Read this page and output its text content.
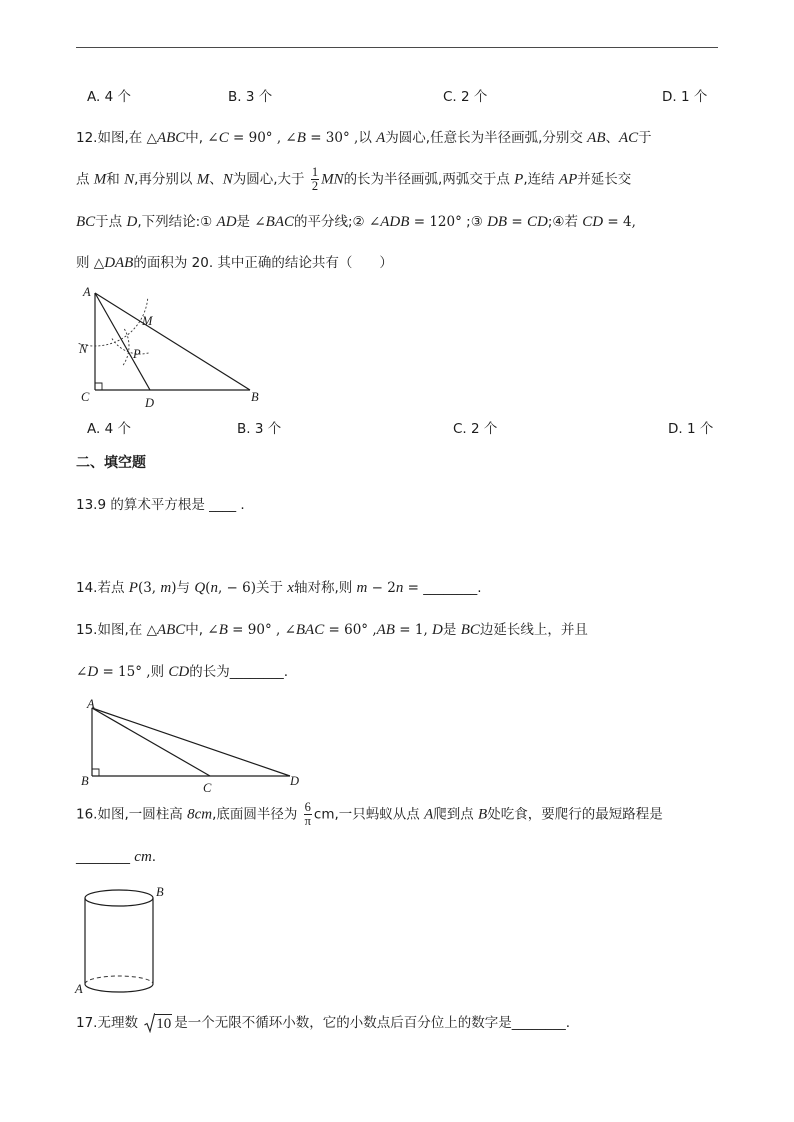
A. 4 个	B. 3 个	C. 2 个	D. 1 个
12.如图,在 △ABC中, ∠C = 90° , ∠B = 30° ,以 A为圆心,任意长为半径画弧,分别交 AB、AC于
点 M和 N,再分别以 M、N为圆心,大于 $\frac{1}{2}$ MN的长为半径画弧,两弧交于点 P,连结 AP并延长交
BC于点 D,下列结论:① AD是 ∠BAC的平分线;② ∠ADB = 120° ;③ DB = CD;④若 CD = 4,
则 △DAB的面积为 20. 其中正确的结论共有（　　）
A
M
N	P
C	D	B
A. 4 个	B. 3 个	C. 2 个	D. 1 个
二、填空题
13.9 的算术平方根是 ____ .
14.若点 P(3, m)与 Q(n, − 6)关于 x轴对称,则 m − 2n = ________.
15.如图,在 △ABC中, ∠B = 90° , ∠BAC = 60° ,AB = 1, D是 BC边延长线上，并且
∠D = 15° ,则 CD的长为________.
A
B	C	D
16.如图,一圆柱高 8cm,底面圆半径为 $\frac{6}{\pi}$ cm,一只蚂蚁从点 A爬到点 B处吃食，要爬行的最短路程是
________ cm.
B
A
17.无理数 10 是一个无限不循环小数，它的小数点后百分位上的数字是________.
